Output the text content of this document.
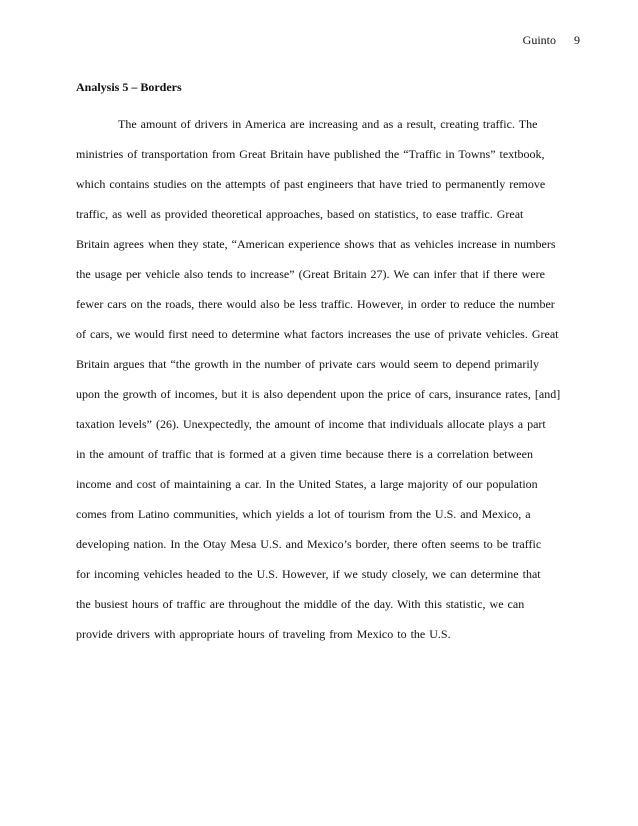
Guinto 9
Analysis 5 – Borders
The amount of drivers in America are increasing and as a result, creating traffic. The
ministries of transportation from Great Britain have published the “Traffic in Towns” textbook,
which contains studies on the attempts of past engineers that have tried to permanently remove
traffic, as well as provided theoretical approaches, based on statistics, to ease traffic. Great
Britain agrees when they state, “American experience shows that as vehicles increase in numbers
the usage per vehicle also tends to increase” (Great Britain 27). We can infer that if there were
fewer cars on the roads, there would also be less traffic. However, in order to reduce the number
of cars, we would first need to determine what factors increases the use of private vehicles. Great
Britain argues that “the growth in the number of private cars would seem to depend primarily
upon the growth of incomes, but it is also dependent upon the price of cars, insurance rates, [and]
taxation levels” (26). Unexpectedly, the amount of income that individuals allocate plays a part
in the amount of traffic that is formed at a given time because there is a correlation between
income and cost of maintaining a car. In the United States, a large majority of our population
comes from Latino communities, which yields a lot of tourism from the U.S. and Mexico, a
developing nation. In the Otay Mesa U.S. and Mexico’s border, there often seems to be traffic
for incoming vehicles headed to the U.S. However, if we study closely, we can determine that
the busiest hours of traffic are throughout the middle of the day. With this statistic, we can
provide drivers with appropriate hours of traveling from Mexico to the U.S.
